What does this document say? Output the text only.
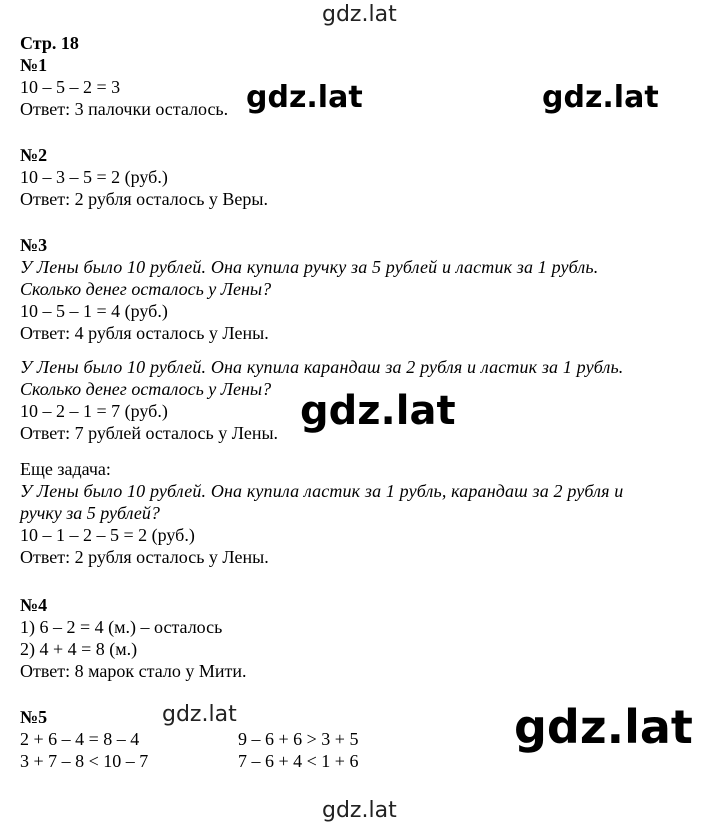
gdz.lat
gdz.lat	gdz.lat
gdz.lat
gdz.lat	gdz.lat
gdz.lat
Стр. 18
№1
10 – 5 – 2 = 3
Ответ: 3 палочки осталось.
№2
10 – 3 – 5 = 2 (руб.)
Ответ: 2 рубля осталось у Веры.
№3
У Лены было 10 рублей. Она купила ручку за 5 рублей и ластик за 1 рубль.
Сколько денег осталось у Лены?
10 – 5 – 1 = 4 (руб.)
Ответ: 4 рубля осталось у Лены.
У Лены было 10 рублей. Она купила карандаш за 2 рубля и ластик за 1 рубль.
Сколько денег осталось у Лены?
10 – 2 – 1 = 7 (руб.)
Ответ: 7 рублей осталось у Лены.
Еще задача:
У Лены было 10 рублей. Она купила ластик за 1 рубль, карандаш за 2 рубля и
ручку за 5 рублей?
10 – 1 – 2 – 5 = 2 (руб.)
Ответ: 2 рубля осталось у Лены.
№4
1) 6 – 2 = 4 (м.) – осталось
2) 4 + 4 = 8 (м.)
Ответ: 8 марок стало у Мити.
№5
2 + 6 – 4 = 8 – 4	9 – 6 + 6 > 3 + 5
3 + 7 – 8 < 10 – 7	7 – 6 + 4 < 1 + 6
